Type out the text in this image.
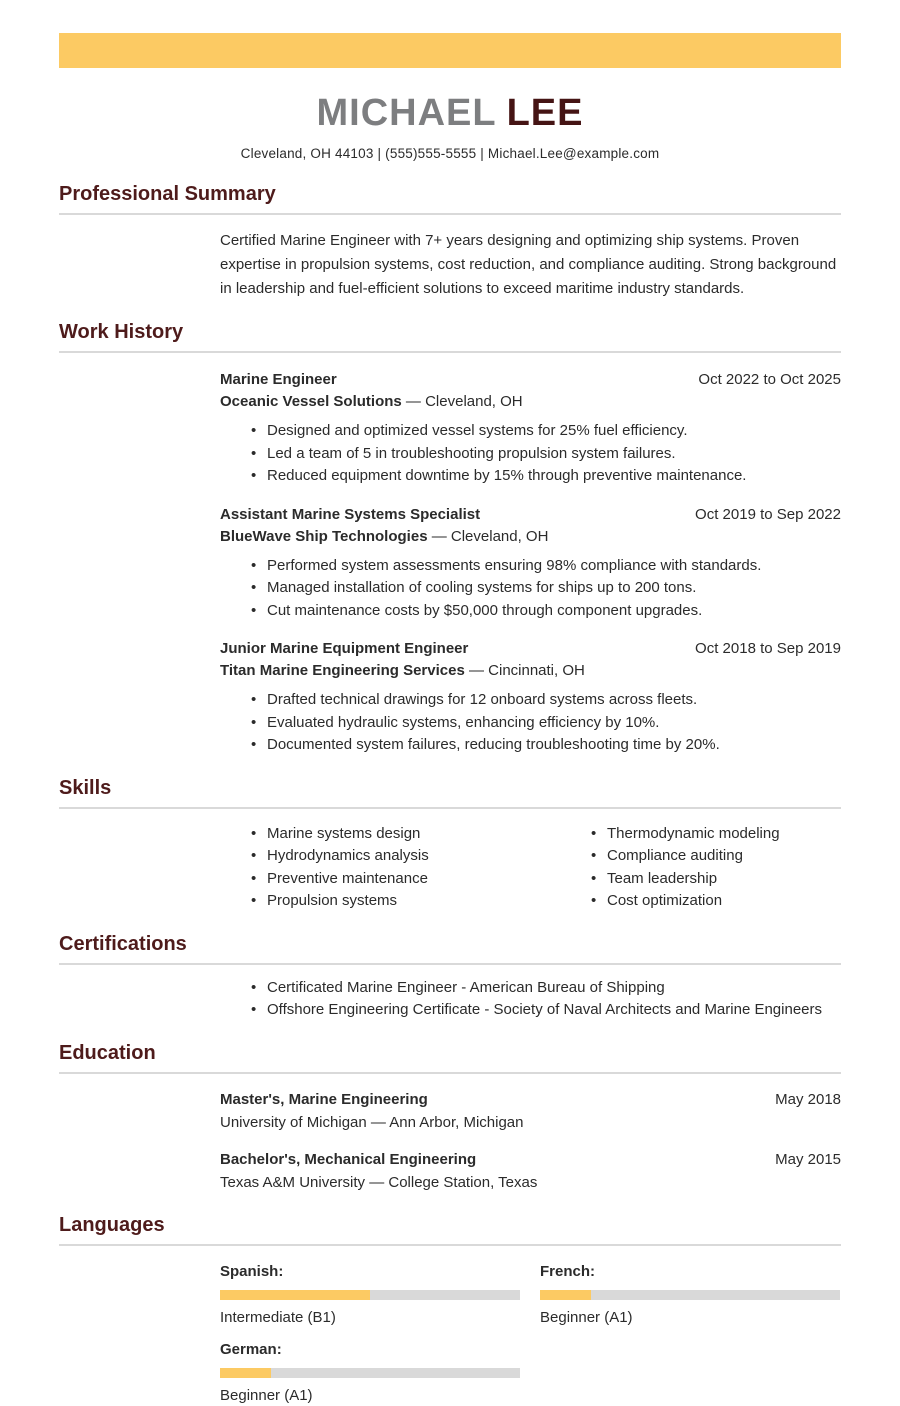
MICHAEL LEE
Cleveland, OH 44103 | (555)555-5555 | Michael.Lee@example.com
Professional Summary

Certified Marine Engineer with 7+ years designing and optimizing ship systems. Proven expertise in propulsion systems, cost reduction, and compliance auditing. Strong background in leadership and fuel-efficient solutions to exceed maritime industry standards.

Work History
Marine Engineer	Oct 2022 to Oct 2025
Oceanic Vessel Solutions — Cleveland, OH
• Designed and optimized vessel systems for 25% fuel efficiency.
• Led a team of 5 in troubleshooting propulsion system failures.
• Reduced equipment downtime by 15% through preventive maintenance.
Assistant Marine Systems Specialist	Oct 2019 to Sep 2022
BlueWave Ship Technologies — Cleveland, OH
• Performed system assessments ensuring 98% compliance with standards.
• Managed installation of cooling systems for ships up to 200 tons.
• Cut maintenance costs by $50,000 through component upgrades.
Junior Marine Equipment Engineer	Oct 2018 to Sep 2019
Titan Marine Engineering Services — Cincinnati, OH
• Drafted technical drawings for 12 onboard systems across fleets.
• Evaluated hydraulic systems, enhancing efficiency by 10%.
• Documented system failures, reducing troubleshooting time by 20%.
Skills
• Marine systems design
• Hydrodynamics analysis
• Preventive maintenance
• Propulsion systems
• Thermodynamic modeling
• Compliance auditing
• Team leadership
• Cost optimization
Certifications
• Certificated Marine Engineer - American Bureau of Shipping
• Offshore Engineering Certificate - Society of Naval Architects and Marine Engineers
Education
Master's, Marine Engineering	May 2018
University of Michigan — Ann Arbor, Michigan
Bachelor's, Mechanical Engineering	May 2015
Texas A&M University — College Station, Texas
Languages
Spanish:
Intermediate (B1)
French:
Beginner (A1)
German:
Beginner (A1)
